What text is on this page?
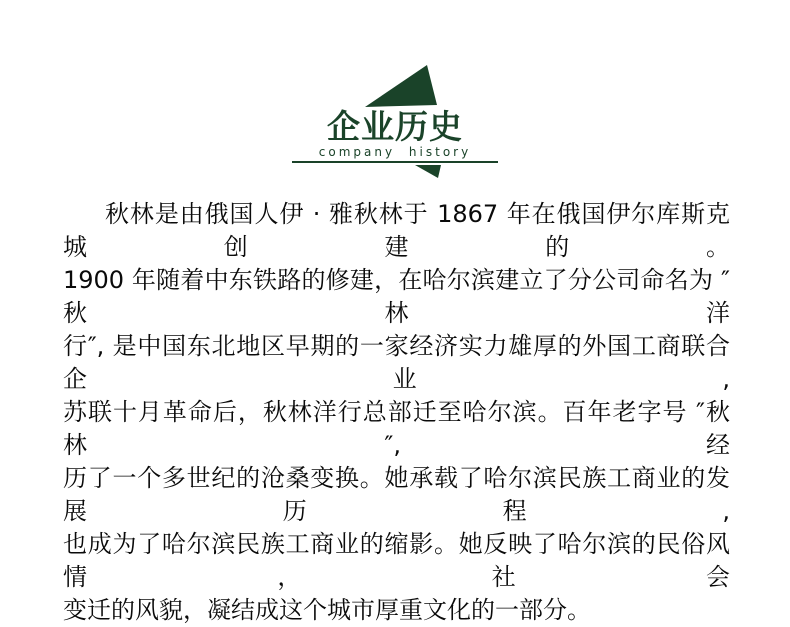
企业历史
company history
秋林是由俄国人伊 · 雅秋林于 1867 年在俄国伊尔库斯克城创建的。
1900 年随着中东铁路的修建，在哈尔滨建立了分公司命名为 ″秋林洋
行″, 是中国东北地区早期的一家经济实力雄厚的外国工商联合企业,
苏联十月革命后，秋林洋行总部迁至哈尔滨。百年老字号 ″秋林″, 经
历了一个多世纪的沧桑变换。她承载了哈尔滨民族工商业的发展历程,
也成为了哈尔滨民族工商业的缩影。她反映了哈尔滨的民俗风情，社会
变迁的风貌，凝结成这个城市厚重文化的一部分。
